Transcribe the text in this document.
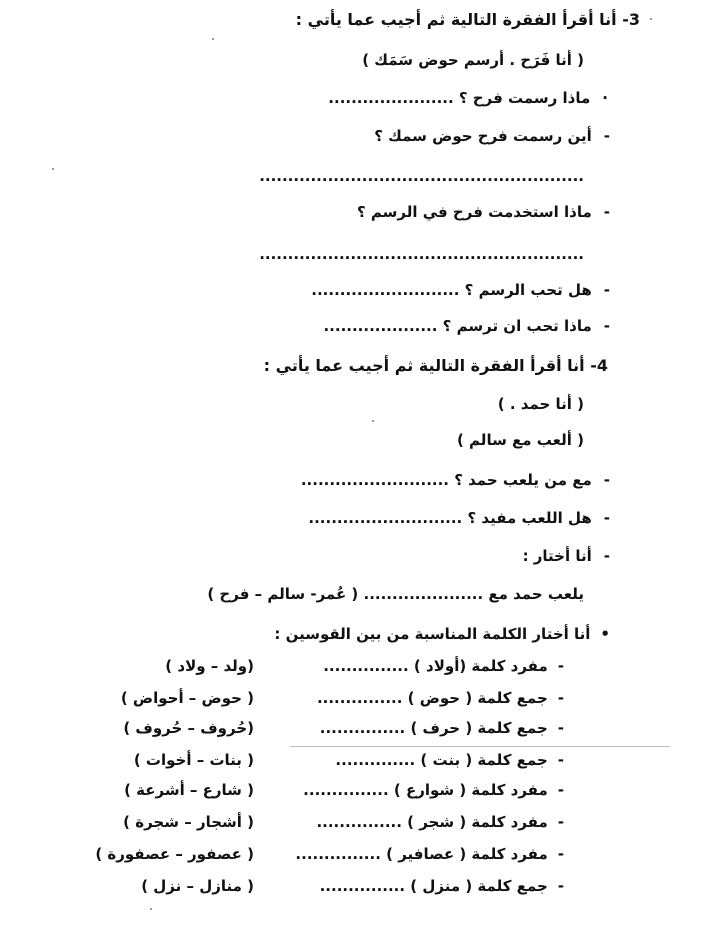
3- أنا أقرأ الفقرة التالية ثم أجيب عما يأتي :
( أنا فَرَح . أرسم حوض سَمَك )
·ماذا رسمت فرح ؟ ......................
-أين رسمت فرح حوض سمك ؟
.........................................................
-ماذا استخدمت فرح في الرسم ؟
.........................................................
-هل تحب الرسم ؟ ..........................
-ماذا تحب ان ترسم ؟ ....................
4- أنا أقرأ الفقرة التالية ثم أجيب عما يأتي :
( أنا حمد . )
( ألعب مع سالم )
-مع من يلعب حمد ؟ ..........................
-هل اللعب مفيد ؟ ...........................
-أنا أختار :
يلعب حمد مع ..................... ( عُمر- سالم – فرح )
•أنا أختار الكلمة المناسبة من بين القوسين :
-مفرد كلمة (أولاد ) ...............
(ولد – ولاد )
-جمع كلمة ( حوض ) ...............
( حوض – أحواض )
-جمع كلمة ( حرف ) ...............
(حُروف – حُروف )
-جمع كلمة ( بنت ) ..............
( بنات – أخوات )
-مفرد كلمة ( شوارع ) ...............
( شارع – أشرعة )
-مفرد كلمة ( شجر ) ...............
( أشجار – شجرة )
-مفرد كلمة ( عصافير ) ...............
( عصفور – عصفورة )
-جمع كلمة ( منزل ) ...............
( منازل – نزل )
